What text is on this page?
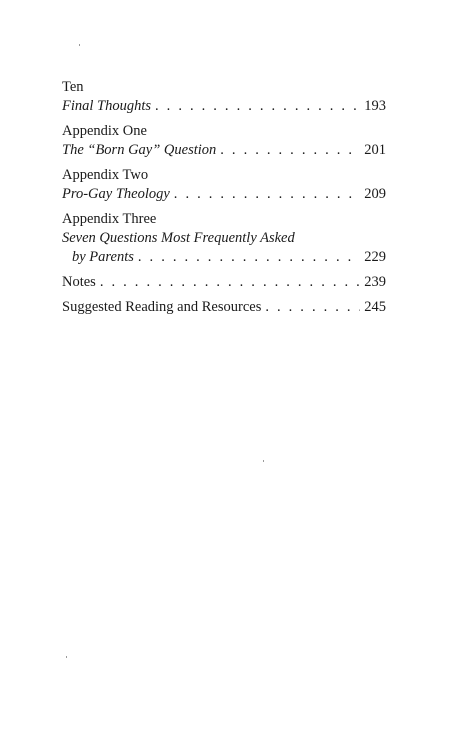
Ten
Final Thoughts . . .	193
Appendix One
The “Born Gay” Question . . .	201
Appendix Two
Pro-Gay Theology . . .	209
Appendix Three
Seven Questions Most Frequently Asked
by Parents . . .	229
Notes . . .	239
Suggested Reading and Resources . . .	245
